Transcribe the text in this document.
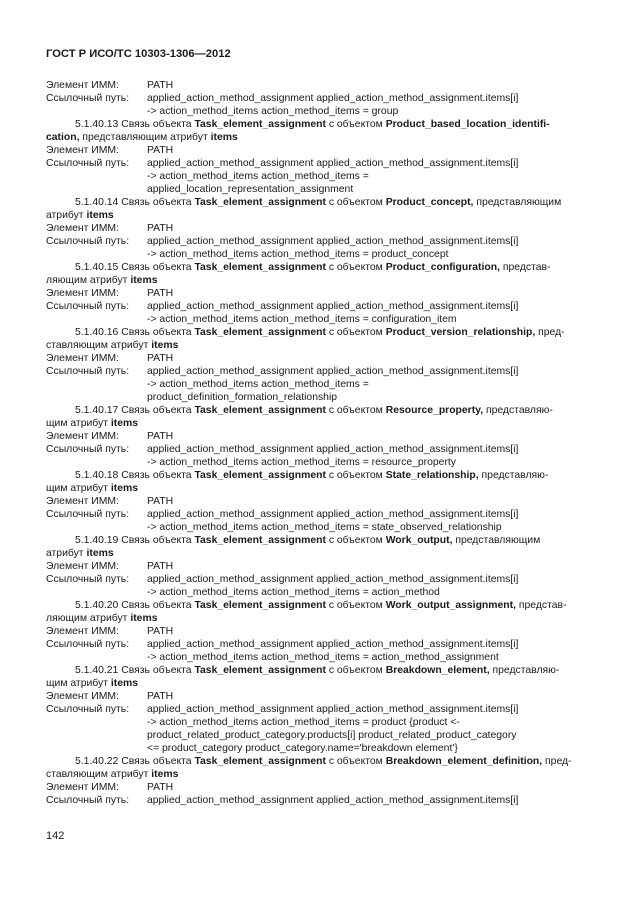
ГОСТ Р ИСО/ТС 10303-1306—2012
Элемент ИММ:	PATH
Ссылочный путь:	applied_action_method_assignment applied_action_method_assignment.items[i]
-> action_method_items action_method_items = group
5.1.40.13 Связь объекта Task_element_assignment с объектом Product_based_location_identifi-
cation, представляющим атрибут items
Элемент ИММ:	PATH
Ссылочный путь:	applied_action_method_assignment applied_action_method_assignment.items[i]
-> action_method_items action_method_items =
applied_location_representation_assignment
5.1.40.14 Связь объекта Task_element_assignment с объектом Product_concept, представляющим
атрибут items
Элемент ИММ:	PATH
Ссылочный путь:	applied_action_method_assignment applied_action_method_assignment.items[i]
-> action_method_items action_method_items = product_concept
5.1.40.15 Связь объекта Task_element_assignment с объектом Product_configuration, представ-
ляющим атрибут items
Элемент ИММ:	PATH
Ссылочный путь:	applied_action_method_assignment applied_action_method_assignment.items[i]
-> action_method_items action_method_items = configuration_item
5.1.40.16 Связь объекта Task_element_assignment с объектом Product_version_relationship, пред-
ставляющим атрибут items
Элемент ИММ:	PATH
Ссылочный путь:	applied_action_method_assignment applied_action_method_assignment.items[i]
-> action_method_items action_method_items =
product_definition_formation_relationship
5.1.40.17 Связь объекта Task_element_assignment с объектом Resource_property, представляю-
щим атрибут items
Элемент ИММ:	PATH
Ссылочный путь:	applied_action_method_assignment applied_action_method_assignment.items[i]
-> action_method_items action_method_items = resource_property
5.1.40.18 Связь объекта Task_element_assignment с объектом State_relationship, представляю-
щим атрибут items
Элемент ИММ:	PATH
Ссылочный путь:	applied_action_method_assignment applied_action_method_assignment.items[i]
-> action_method_items action_method_items = state_observed_relationship
5.1.40.19 Связь объекта Task_element_assignment с объектом Work_output, представляющим
атрибут items
Элемент ИММ:	PATH
Ссылочный путь:	applied_action_method_assignment applied_action_method_assignment.items[i]
-> action_method_items action_method_items = action_method
5.1.40.20 Связь объекта Task_element_assignment с объектом Work_output_assignment, представ-
ляющим атрибут items
Элемент ИММ:	PATH
Ссылочный путь:	applied_action_method_assignment applied_action_method_assignment.items[i]
-> action_method_items action_method_items = action_method_assignment
5.1.40.21 Связь объекта Task_element_assignment с объектом Breakdown_element, представляю-
щим атрибут items
Элемент ИММ:	PATH
Ссылочный путь:	applied_action_method_assignment applied_action_method_assignment.items[i]
-> action_method_items action_method_items = product {product <-
product_related_product_category.products[i] product_related_product_category
<= product_category product_category.name='breakdown element'}
5.1.40.22 Связь объекта Task_element_assignment с объектом Breakdown_element_definition, пред-
ставляющим атрибут items
Элемент ИММ:	PATH
Ссылочный путь:	applied_action_method_assignment applied_action_method_assignment.items[i]
142
